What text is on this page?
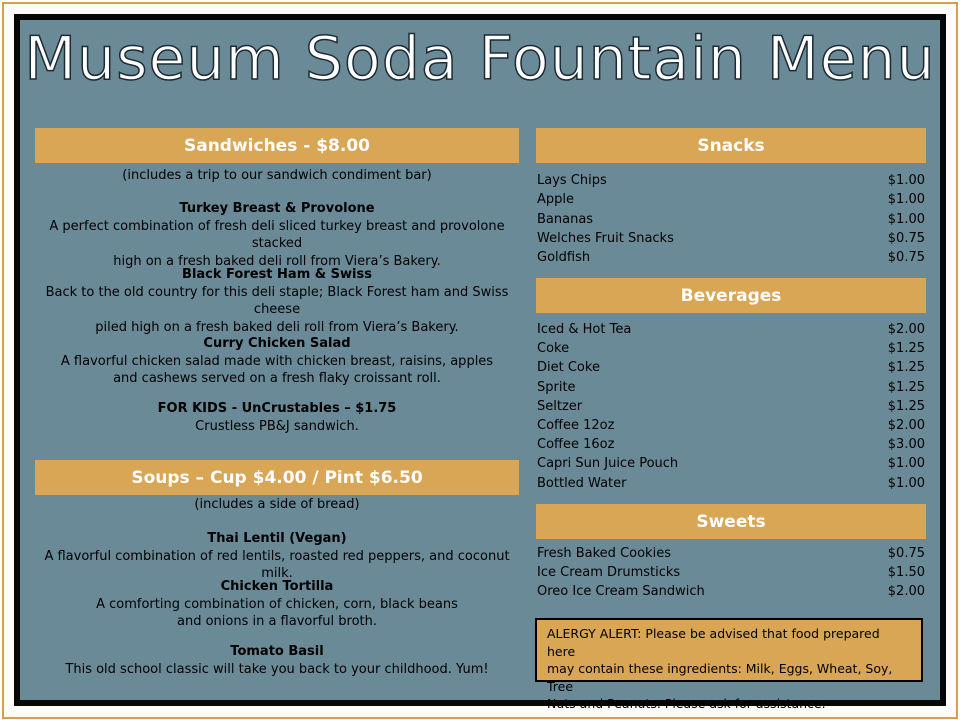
Museum Soda Fountain Menu
Sandwiches - $8.00
(includes a trip to our sandwich condiment bar)
Turkey Breast & Provolone
A perfect combination of fresh deli sliced turkey breast and provolone stacked
high on a fresh baked deli roll from Viera’s Bakery.
Black Forest Ham & Swiss
Back to the old country for this deli staple; Black Forest ham and Swiss cheese
piled high on a fresh baked deli roll from Viera’s Bakery.
Curry Chicken Salad
A flavorful chicken salad made with chicken breast, raisins, apples
and cashews served on a fresh flaky croissant roll.
FOR KIDS - UnCrustables – $1.75
Crustless PB&J sandwich.
Soups – Cup $4.00 / Pint $6.50
(includes a side of bread)
Thai Lentil (Vegan)
A flavorful combination of red lentils, roasted red peppers, and coconut milk.
Chicken Tortilla
A comforting combination of chicken, corn, black beans
and onions in a flavorful broth.
Tomato Basil
This old school classic will take you back to your childhood. Yum!
Snacks
Lays Chips	$1.00
Apple	$1.00
Bananas	$1.00
Welches Fruit Snacks	$0.75
Goldfish	$0.75
Beverages
Iced & Hot Tea	$2.00
Coke	$1.25
Diet Coke	$1.25
Sprite	$1.25
Seltzer	$1.25
Coffee 12oz	$2.00
Coffee 16oz	$3.00
Capri Sun Juice Pouch	$1.00
Bottled Water	$1.00
Sweets
Fresh Baked Cookies	$0.75
Ice Cream Drumsticks	$1.50
Oreo Ice Cream Sandwich	$2.00
ALERGY ALERT: Please be advised that food prepared here
may contain these ingredients: Milk, Eggs, Wheat, Soy, Tree
Nuts and Peanuts. Please ask for assistance.
